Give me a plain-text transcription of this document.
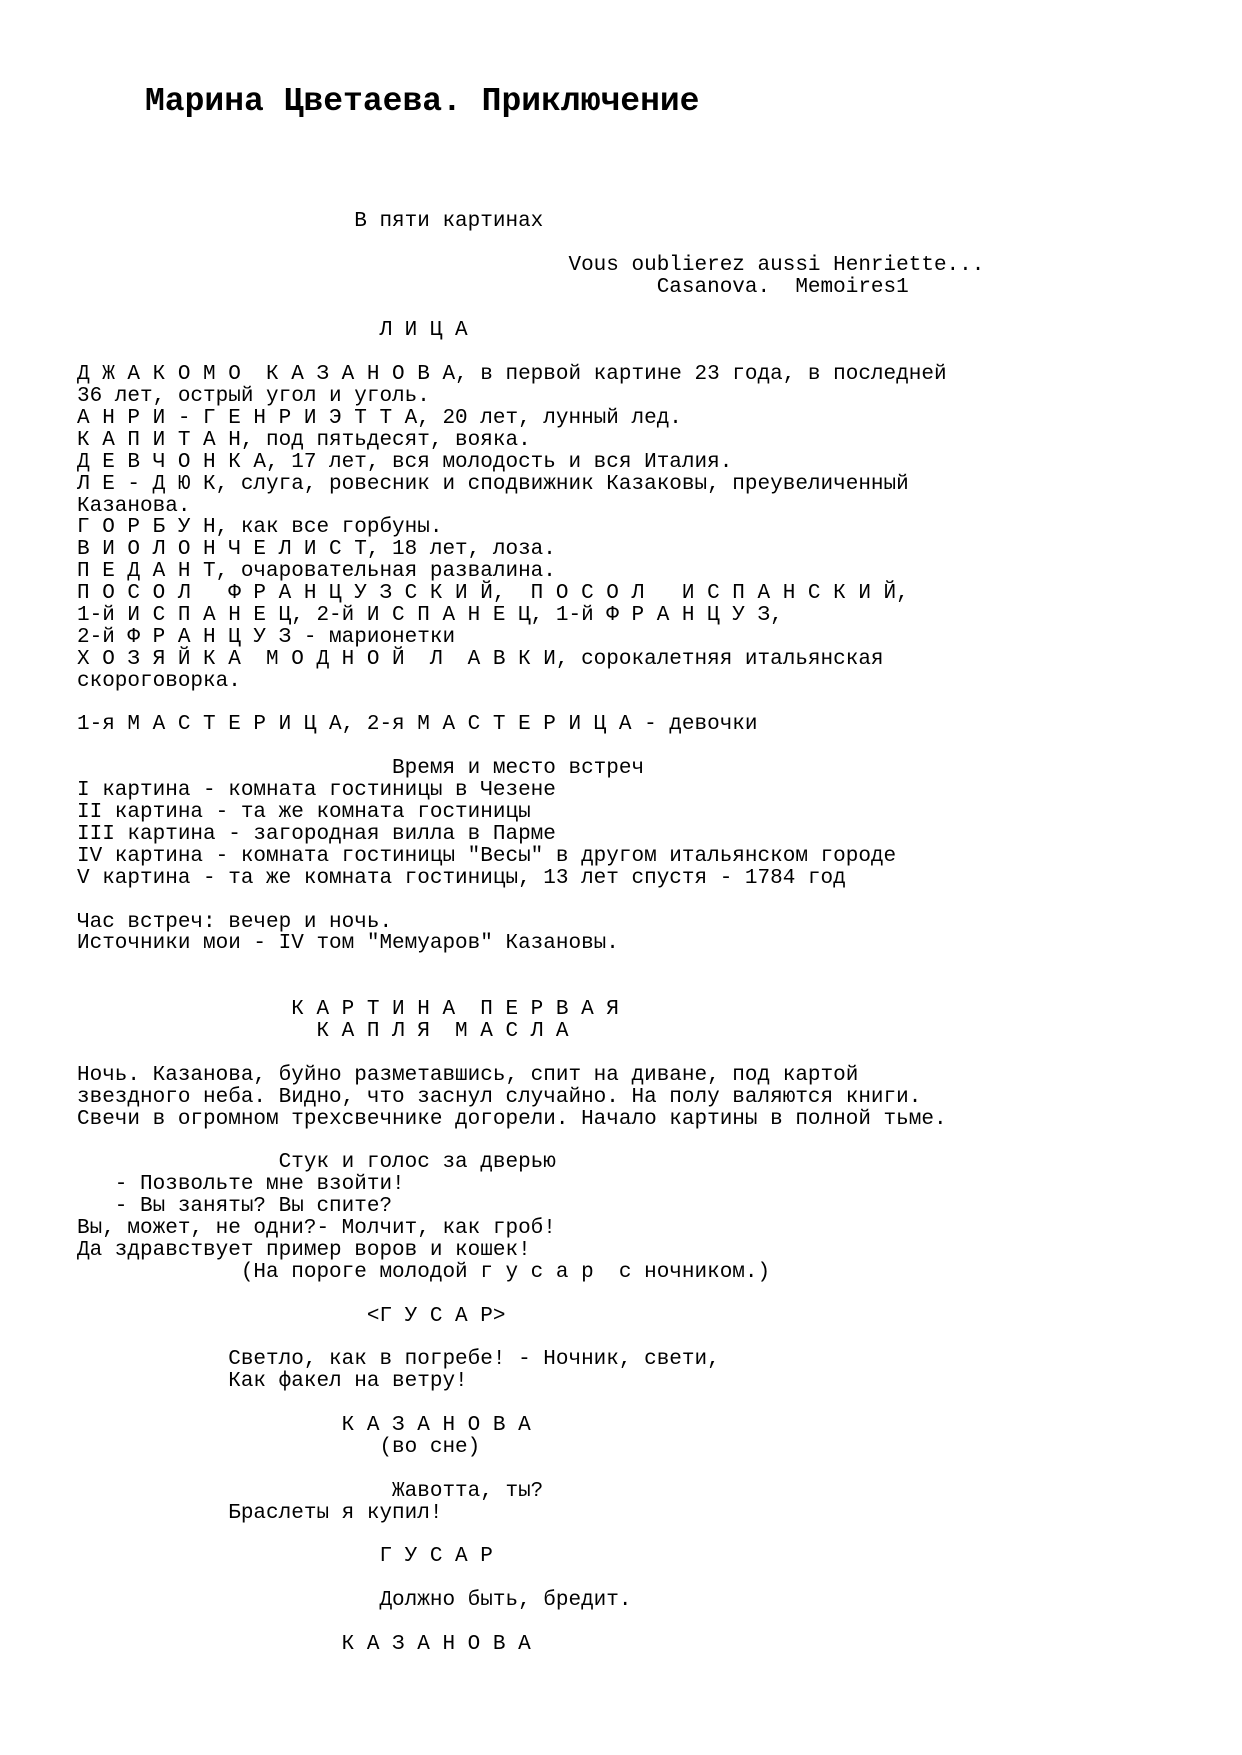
Марина Цветаева. Приключение
В пяти картинах

Vous oublierez aussi Henriette...
Casanova.  Memoires1

Л И Ц А

Д Ж А К О М О  К А З А Н О В А, в первой картине 23 года, в последней
36 лет, острый угол и уголь.
А Н Р И - Г Е Н Р И Э Т Т А, 20 лет, лунный лед.
К А П И Т А Н, под пятьдесят, вояка.
Д Е В Ч О Н К А, 17 лет, вся молодость и вся Италия.
Л Е - Д Ю К, слуга, ровесник и сподвижник Казаковы, преувеличенный
Казанова.
Г О Р Б У Н, как все горбуны.
В И О Л О Н Ч Е Л И С Т, 18 лет, лоза.
П Е Д А Н Т, очаровательная развалина.
П О С О Л   Ф Р А Н Ц У З С К И Й,  П О С О Л   И С П А Н С К И Й,
1-й И С П А Н Е Ц, 2-й И С П А Н Е Ц, 1-й Ф Р А Н Ц У З,
2-й Ф Р А Н Ц У З - марионетки
Х О З Я Й К А  М О Д Н О Й  Л  А В К И, сорокалетняя итальянская
скороговорка.

1-я М А С Т Е Р И Ц А, 2-я М А С Т Е Р И Ц А - девочки

Время и место встреч
I картина - комната гостиницы в Чезене
II картина - та же комната гостиницы
III картина - загородная вилла в Парме
IV картина - комната гостиницы "Весы" в другом итальянском городе
V картина - та же комната гостиницы, 13 лет спустя - 1784 год

Час встреч: вечер и ночь.
Источники мои - IV том "Мемуаров" Казановы.

К А Р Т И Н А  П Е Р В А Я
К А П Л Я  М А С Л А

Ночь. Казанова, буйно разметавшись, спит на диване, под картой
звездного неба. Видно, что заснул случайно. На полу валяются книги.
Свечи в огромном трехсвечнике догорели. Начало картины в полной тьме.

Стук и голос за дверью
- Позвольте мне взойти!
- Вы заняты? Вы спите?
Вы, может, не одни?- Молчит, как гроб!
Да здравствует пример воров и кошек!
(На пороге молодой г у с а р  с ночником.)

<Г У С А Р>

Светло, как в погребе! - Ночник, свети,
Как факел на ветру!

К А З А Н О В А
(во сне)

Жавотта, ты?
Браслеты я купил!

Г У С А Р

Должно быть, бредит.

К А З А Н О В А
